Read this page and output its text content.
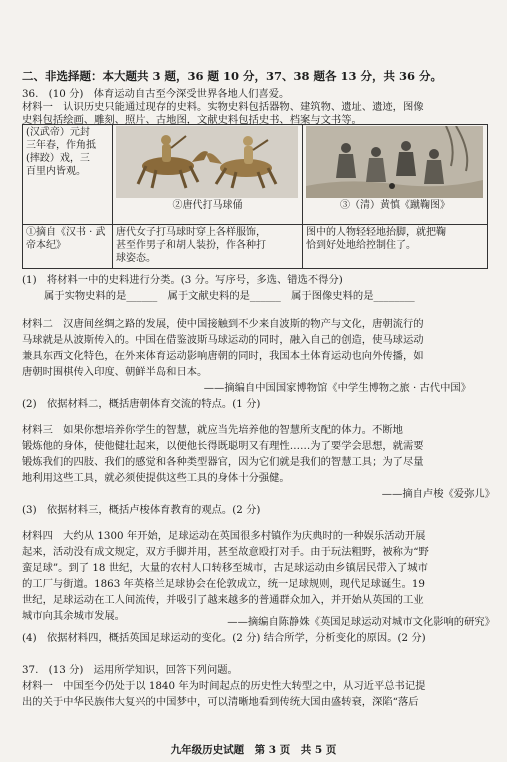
二、非选择题：本大题共 3 题，36 题 10 分，37、38 题各 13 分，共 36 分。
36.　(10 分)　体育运动自古至今深受世界各地人们喜爱。
材料一　认识历史只能通过现存的史料。实物史料包括器物、建筑物、遗址、遗迹，图像
史料包括绘画、雕刻、照片、古地图，文献史料包括史书、档案与文书等。
(汉武帝）元封
三年春，作角抵
(摔跤）戏，三
百里内皆观。	②唐代打马球俑	③（清）黄慎《蹴鞠图》

①摘自《汉书 · 武
帝本纪》	唐代女子打马球时穿上各样服饰，
甚至作男子和胡人装扮，作各种打
球姿态。	图中的人物轻轻地抬脚，就把鞠
恰到好处地给控制住了。
(1)　将材料一中的史料进行分类。(3 分。写序号，多选、错选不得分)
属于实物史料的是______　属于文献史料的是______　属于图像史料的是________
材料二　汉唐间丝绸之路的发展，使中国接触到不少来自波斯的物产与文化，唐朝流行的
马球就是从波斯传入的。中国在借鉴波斯马球运动的同时，融入自己的创造，使马球运动
兼具东西文化特色，在外来体育运动影响唐朝的同时，我国本土体育运动也向外传播，如
唐朝时围棋传入印度、朝鲜半岛和日本。
——摘编自中国国家博物馆《中学生博物之旅 · 古代中国》
(2)　依据材料二，概括唐朝体育交流的特点。(1 分)
材料三　如果你想培养你学生的智慧，就应当先培养他的智慧所支配的体力。不断地
锻炼他的身体，使他健壮起来，以便他长得既聪明又有理性……为了要学会思想，就需要
锻炼我们的四肢、我们的感觉和各种类型器官，因为它们就是我们的智慧工具；为了尽量
地利用这些工具，就必须使提供这些工具的身体十分强健。
——摘自卢梭《爱弥儿》
(3)　依据材料三，概括卢梭体育教育的观点。(2 分)
材料四　大约从 1300 年开始，足球运动在英国很多村镇作为庆典时的一种娱乐活动开展
起来，活动没有成文规定，双方手脚并用，甚至故意殴打对手。由于玩法粗野，被称为“野
蛮足球”。到了 18 世纪，大量的农村人口转移至城市，古足球运动由乡镇居民带入了城市
的工厂与街道。1863 年英格兰足球协会在伦敦成立，统一足球规则，现代足球诞生。19
世纪，足球运动在工人间流传，并吸引了越来越多的普通群众加入，并开始从英国的工业
城市向其余城市发展。	——摘编自陈静姝《英国足球运动对城市文化影响的研究》
(4)　依据材料四，概括英国足球运动的变化。(2 分) 结合所学，分析变化的原因。(2 分)
37.　(13 分)　运用所学知识，回答下列问题。
材料一　中国至今仍处于以 1840 年为时间起点的历史性大转型之中，从习近平总书记提
出的关于中华民族伟大复兴的中国梦中，可以清晰地看到传统大国由盛转衰，深陷“落后
九年级历史试题　第 3 页　共 5 页
